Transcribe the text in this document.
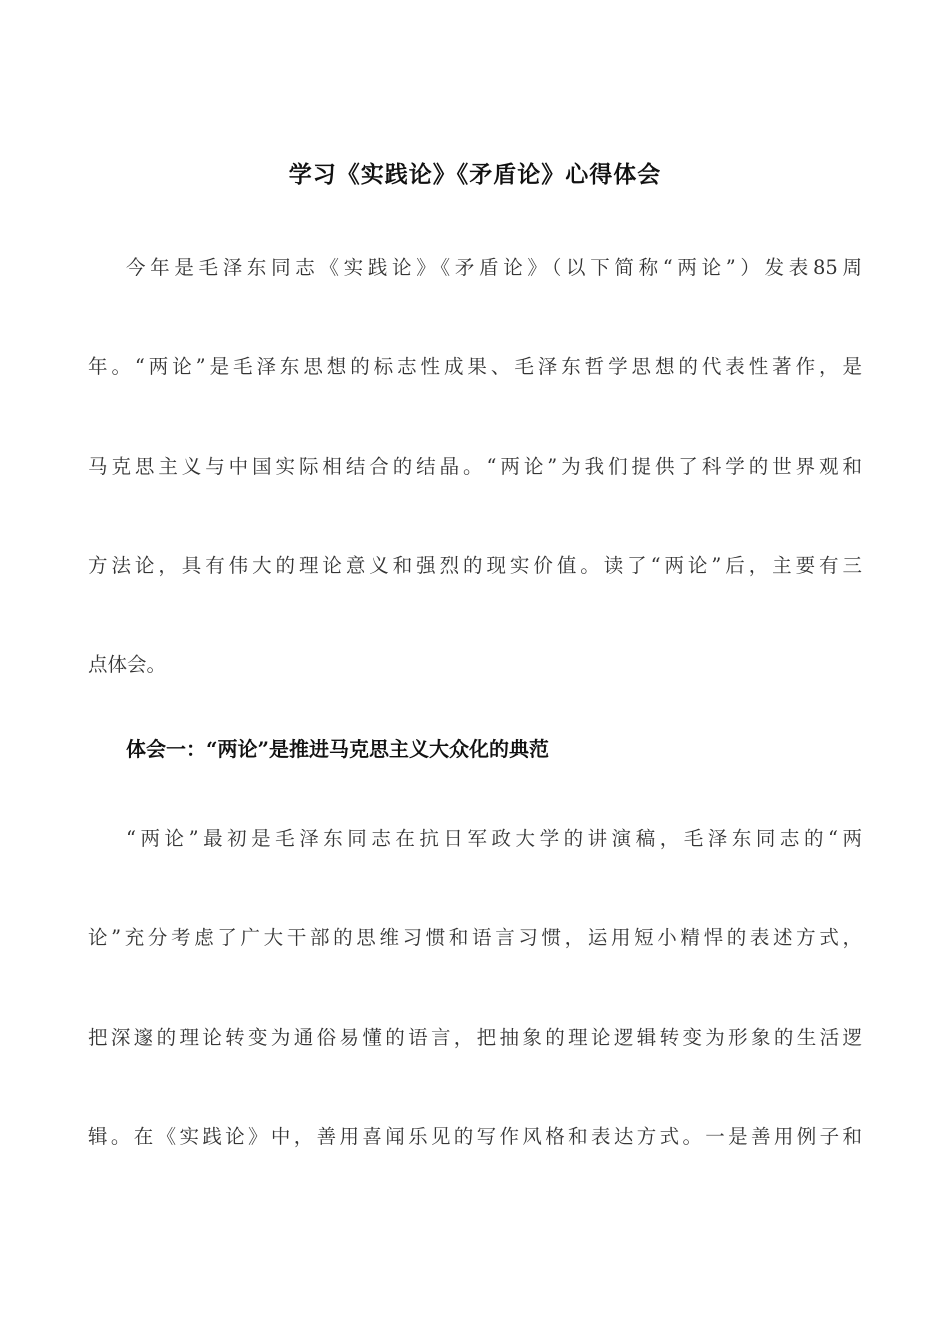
学习《实践论》《矛盾论》心得体会

今年是毛泽东同志《实践论》《矛盾论》（以下简称“两论”）发表85周

年。“两论”是毛泽东思想的标志性成果、毛泽东哲学思想的代表性著作，是

马克思主义与中国实际相结合的结晶。“两论”为我们提供了科学的世界观和

方法论，具有伟大的理论意义和强烈的现实价值。读了“两论”后，主要有三

点体会。

体会一：“两论”是推进马克思主义大众化的典范

“两论”最初是毛泽东同志在抗日军政大学的讲演稿，毛泽东同志的“两

论”充分考虑了广大干部的思维习惯和语言习惯，运用短小精悍的表述方式，

把深邃的理论转变为通俗易懂的语言，把抽象的理论逻辑转变为形象的生活逻

辑。在《实践论》中，善用喜闻乐见的写作风格和表达方式。一是善用例子和
